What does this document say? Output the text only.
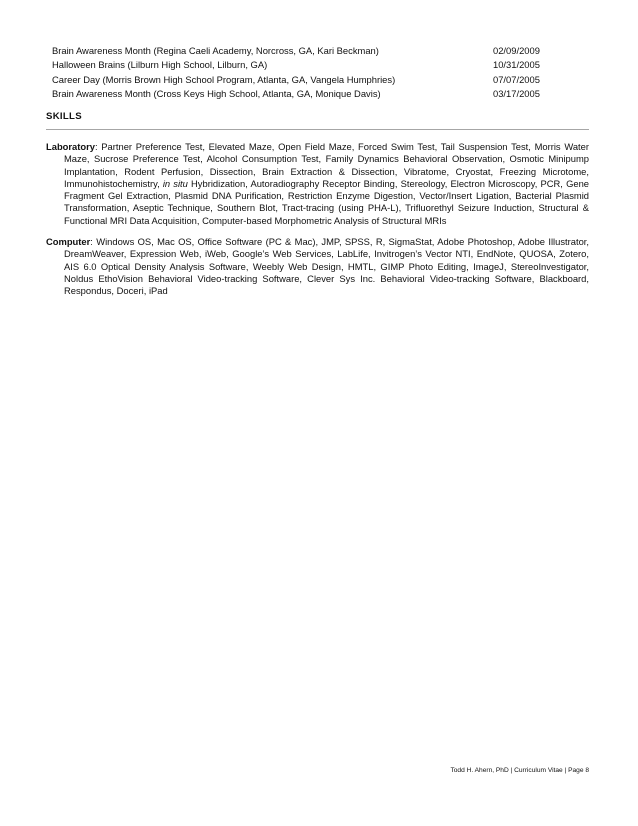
Brain Awareness Month (Regina Caeli Academy, Norcross, GA, Kari Beckman)	02/09/2009
Halloween Brains (Lilburn High School, Lilburn, GA)	10/31/2005
Career Day (Morris Brown High School Program, Atlanta, GA, Vangela Humphries)	07/07/2005
Brain Awareness Month (Cross Keys High School, Atlanta, GA, Monique Davis)	03/17/2005
SKILLS
Laboratory: Partner Preference Test, Elevated Maze, Open Field Maze, Forced Swim Test, Tail Suspension Test, Morris Water Maze, Sucrose Preference Test, Alcohol Consumption Test, Family Dynamics Behavioral Observation, Osmotic Minipump Implantation, Rodent Perfusion, Dissection, Brain Extraction & Dissection, Vibratome, Cryostat, Freezing Microtome, Immunohistochemistry, in situ Hybridization, Autoradiography Receptor Binding, Stereology, Electron Microscopy, PCR, Gene Fragment Gel Extraction, Plasmid DNA Purification, Restriction Enzyme Digestion, Vector/Insert Ligation, Bacterial Plasmid Transformation, Aseptic Technique, Southern Blot, Tract-tracing (using PHA-L), Trifluorethyl Seizure Induction, Structural & Functional MRI Data Acquisition, Computer-based Morphometric Analysis of Structural MRIs
Computer: Windows OS, Mac OS, Office Software (PC & Mac), JMP, SPSS, R, SigmaStat, Adobe Photoshop, Adobe Illustrator, DreamWeaver, Expression Web, iWeb, Google’s Web Services, LabLife, Invitrogen’s Vector NTI, EndNote, QUOSA, Zotero, AIS 6.0 Optical Density Analysis Software, Weebly Web Design, HMTL, GIMP Photo Editing, ImageJ, StereoInvestigator, Noldus EthoVision Behavioral Video-tracking Software, Clever Sys Inc. Behavioral Video-tracking Software, Blackboard, Respondus, Doceri, iPad
Todd H. Ahern, PhD | Curriculum Vitae | Page 8
